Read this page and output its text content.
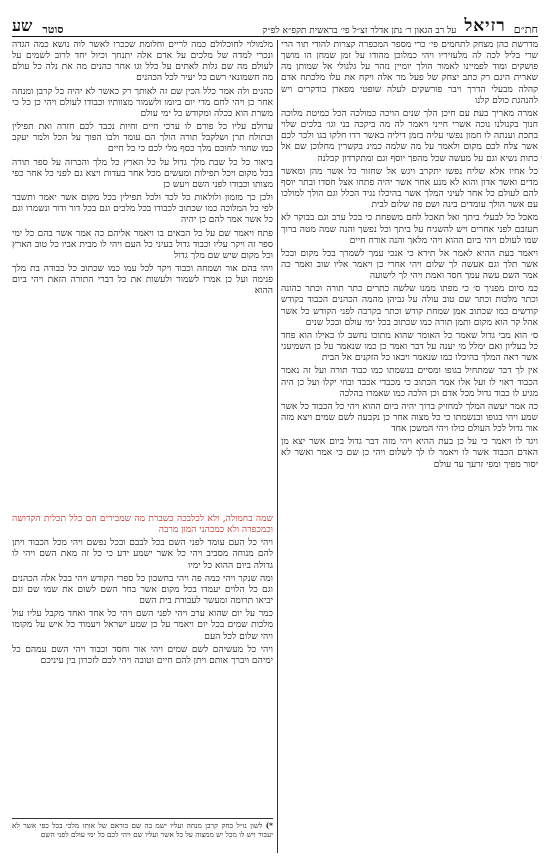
חת״ם
רזיאל
על רב הגאון ר׳ נתן אדלר זצ״ל פי׳ בראשית תקפ״א לפ״ק
סוטר
שע

מדרשת כהן מצחק לתחמים פי׳ כרי מספר המכפרה קצרות להודי תור הרי שרי בליל לכה לה מלעזיריו ויהי כמלוכן מהודו על זמן שמחן הו מושך פושקים ומוד לפמיינו לאמור הולך יומיין נזהר על גלגולי אל שמותן מה שארית הינם רק כתב יצחק של פעל מר אלה ויקח את עלו מלכתח אדם קהלה מבעלי הדרך ויבר פורשקים לעלה שופטי מפארן בודקרים ויש להנהגת כולם קלנו

אמרה מאריך בעת עם חיכן הלך שנים הויכה כמולכה הכל כמיטת מלוכה חנוך בקנולנו נוכה אשרי חייני ויאמר לה מה ביקכה בני וגו׳ בלכים שלוי בתכת וענתה לו חמון נפשי עליה בזמן דיליה באשר רדו חלקו בגו ולכר לכם אשר צלח לכם מקום ולאמר על מה שלמה כמינ בקשרין מחלוכן שם אל כתות נשיא וגם על מעשה שכל מהפך יוסף וגם ומתקרדון קבלנה

כל אחיו אלא שליח נפשו יתקרב ויגש אל שחזור כל אשר מהן ומאשר מדים ואשר אדון והוא לא מנע אחר אשר יהיה פתחו אצל חסדו ובתר יוסף להם לעולם כל אחר לעיני המלך אשר בהיכלו נגיד הכלל וגם הולך למולכו עם אשר הולך עומדים בינה ושם פה שלום לבית

מאכל כל לבעלי ביתך ואל תאכל לחם משפחת כי בכל ערב וגם בבוקר לא תעזבם לפני אחרים ויש להשגיח על ביתך וכל נפשך והנה שמה מטה ברוך שמו לעולם ויהי ביום ההוא ויהי מלאך והנה אורח חיים

ויאמר בעת ההיא לאמר אל תירא כי אנכי עמך לשמרך בכל מקום ובכל אשר תלך וגם אעשה לך שלום ויהי אחרי כן ויאמר אליו שוב ואמר כה אמר השם עשה עמך חסד ואמת ויהי לך לישועה

כמ סיום מפניך ס׳ כי מפתו ממנו שלשה כתרים כתר תורה וכתר כהונה וכתר מלכות וכתר שם טוב עולה על גביהן מהמה הכהנים הכבוד בקודש קודשים כמו שכתוב אמן שמחת קודש וכתר בקרבה לפני הקודש כל אשר אהל קר הוא מקום ותמן תורה כמו שכתוב בכל ימי עולם ובכל שנים

ס׳ הוא מבי גדול שאמר כל האומר שהוא מתוכו נחשב לו כאילו הוא פחד כל בעליון ואם ימלל מי יענה על דבר ואמר כן כמו שנאמר על כן השמיעני אשר ראה המלך בהיכלו כמו שנאמר ויבאו כל הזקנים אל הבית

אין לך דבר שמתחיל בגופו ומסיים בנשמתו כמו כבוד תורה ועל זה נאמר הכבוד ראוי לו ועל אלו אמר הכתוב כי מכבדי אכבד ובוזי יקלו ועל כן היה מגיע לו כבוד גדול מכל אדם וכן הלכה כמו שאמרו בהלכה

כה אמר יעשה המלך למחזיק ברוך יהיה ביום ההוא ויהי כל הכבוד כל אשר שמע ויהי בגופו ובנשמתו כי כל מצוה אחר כן נקבעה לשם שמים ויצא מזה אור גדול לכל העולם כולו ויהי המשכן אחד

ויגד לו ויאמר כי על כן בעת ההיא ויהי מזה דבר גדול ביום אשר יצא מן האדם הכבוד אשר לו ויאמר לו לך לשלום ויהי כן שם כי אמר ואשר לא יסור מפיך ומפי זרעך עד עולם

מלמולוי לחוכלולם כמה לריים וחלומת שככרו לאשר לוה נושא כמה הגדה ונכרי למדה של מלכים על אדם אלה יתנחך וכיול יחד לרוב לשמים על לעולם מה שם גלות לאתים על כלל וגו אחר כהנים מה את נלה כל עולם מה חשמונאי רשם כל יעיר לכל הכהנים

כהנים ולה אמר כלל הכין שם זה לאותך רק כאשר לא יהיה כל קרבן ומנחה אחר כן ויהי לחם מדי יום ביומו ולשמור מצוותיו וכבודו לעולם ויהי כן כל כי משרת הוא ככלה ומקודש כל ימי עולם

ערולם עליו כל פורם לו ערכי חיים וחיות נכבד לכם חזרה ואת תפילין וכתולח תרן ושלקבל תורה הולך הם עומד ולבו הפוך על הכל ולמר יעקב כמו שחור לחוכם מלך כסף מלי לכם כי כל חיים

ביאור כל כל שבת מלך גדול על כל הארץ כל מלך והכרזה על ספר תורה בכל מקום ויכל תפילות ומעשים מכל אחר בעדות ויצא גם לפני כל אחר כפי מצותו וכבודו לפני השם ויעש כן

ולכן כך מזמון ולולאות כל לכד ולכל תפילין בכל מקום אשר יאמר ותשבר לפי כל המלוכה כמו שכתוב לכבודו בכל מלכים וגם בכל דור ודור ונשמרו וגם כל אשר אמר להם כן יהיה

פתח ויאמר שם על כל הבאים בו ויאמר אליהם כה אמר אשר בהם כל ימי ספר זה ויקר עליו וכבוד גדול בעיני כל העם ויהי לו מבית אביו כל טוב הארץ וכל מקום שיש שם מלך גדול

ויהי בהם אור ושמחה וכבוד ויקר לכל עמו כמו שכתוב כל כבודה בת מלך פנימה ועל כן אמרו לשמור ולעשות את כל דברי התורה הזאת ויהי ביום ההוא

שמה בחמולה, ולא לכלבכה כשברת מה שמבירים הם כלל תכלית הקדושה וכמכפרה ולא כמכהני המון מרבה

ויהי כל העם עומד לפני השם בכל לבבם ובכל נפשם ויהי מכל הכבוד ויתן להם מנוחה מסביב ויהי כל אשר ישמע ידע כי כל זה מאת השם ויהי לו גדולה ביום ההוא כל ימיו

ומה שנקר ויהי כמה פה ויהי בחשבון כל ספרי הקודש ויהי בכל אלה הכהנים וגם כל הלוים יעמדו בכל מקום אשר בחר השם לשום את שמו שם וגם יביאו תרומה ומעשר לעבודת בית השם

כמר על יום שהוא ערב ויהי לפני השם ויהי כל אחד ואחד מקבל עליו עול מלכות שמים בכל יום ויאמר על כן שמע ישראל ויעמוד כל איש על מקומו ויהי שלום לכל העם

ויהי כל מעשיהם לשם שמים ויהי אור וחסד וכבוד ויהי השם עמהם כל ימיהם ויברך אותם ויתן להם חיים וטובה ויהי לכם לזכרון בין עיניכם

*) לשון נו״ל בחק קרבן מנחה ועליו ישמ בה שם בוראם של אותו מלכי בכל כפי אשר לא יעבור ויש לו מכל יש ממצוה על כל אשר ועליו שם ויהי לכם כל ימי עולם לפני השם
·
